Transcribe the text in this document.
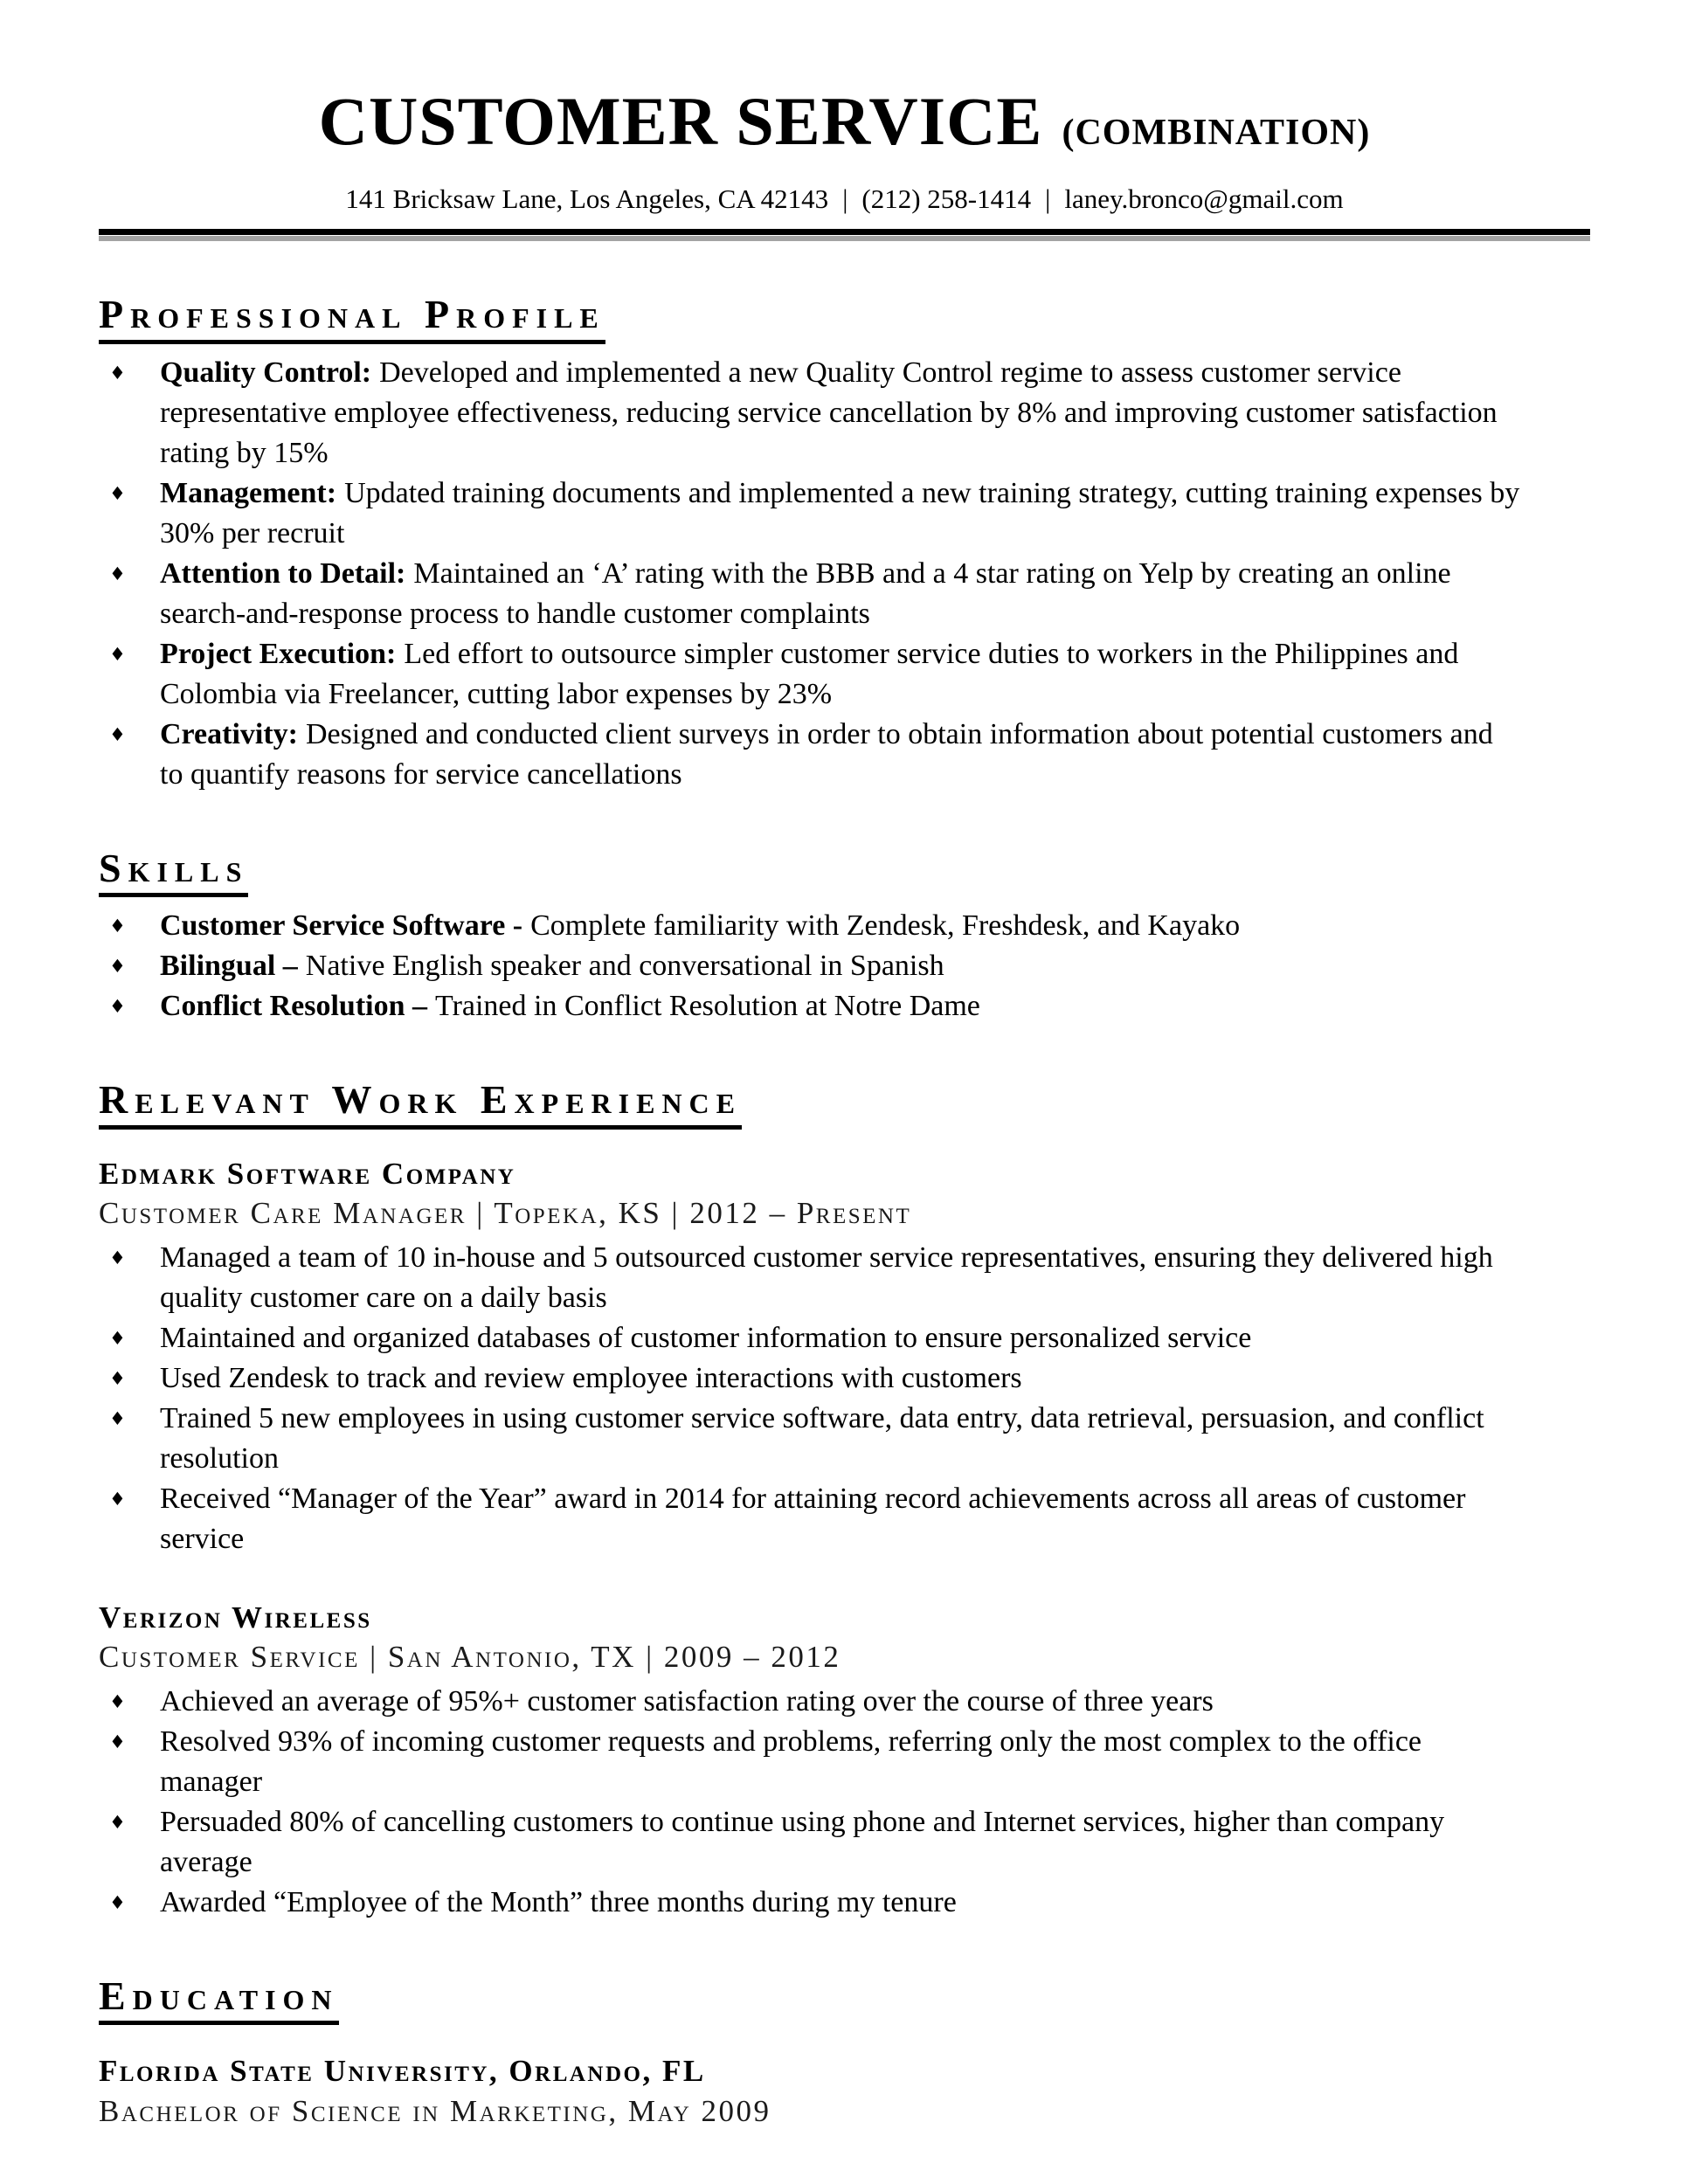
CUSTOMER SERVICE (COMBINATION)
141 Bricksaw Lane, Los Angeles, CA 42143 | (212) 258-1414 | laney.bronco@gmail.com
Professional Profile
♦ Quality Control: Developed and implemented a new Quality Control regime to assess customer service representative employee effectiveness, reducing service cancellation by 8% and improving customer satisfaction rating by 15%
♦ Management: Updated training documents and implemented a new training strategy, cutting training expenses by 30% per recruit
♦ Attention to Detail: Maintained an ‘A’ rating with the BBB and a 4 star rating on Yelp by creating an online search-and-response process to handle customer complaints
♦ Project Execution: Led effort to outsource simpler customer service duties to workers in the Philippines and Colombia via Freelancer, cutting labor expenses by 23%
♦ Creativity: Designed and conducted client surveys in order to obtain information about potential customers and to quantify reasons for service cancellations
Skills
♦ Customer Service Software - Complete familiarity with Zendesk, Freshdesk, and Kayako
♦ Bilingual – Native English speaker and conversational in Spanish
♦ Conflict Resolution – Trained in Conflict Resolution at Notre Dame
Relevant Work Experience
Edmark Software Company
Customer Care Manager | Topeka, KS | 2012 – Present
♦ Managed a team of 10 in-house and 5 outsourced customer service representatives, ensuring they delivered high quality customer care on a daily basis
♦ Maintained and organized databases of customer information to ensure personalized service
♦ Used Zendesk to track and review employee interactions with customers
♦ Trained 5 new employees in using customer service software, data entry, data retrieval, persuasion, and conflict resolution
♦ Received “Manager of the Year” award in 2014 for attaining record achievements across all areas of customer service
Verizon Wireless
Customer Service | San Antonio, TX | 2009 – 2012
♦ Achieved an average of 95%+ customer satisfaction rating over the course of three years
♦ Resolved 93% of incoming customer requests and problems, referring only the most complex to the office manager
♦ Persuaded 80% of cancelling customers to continue using phone and Internet services, higher than company average
♦ Awarded “Employee of the Month” three months during my tenure
Education
Florida State University, Orlando, FL
Bachelor of Science in Marketing, May 2009
